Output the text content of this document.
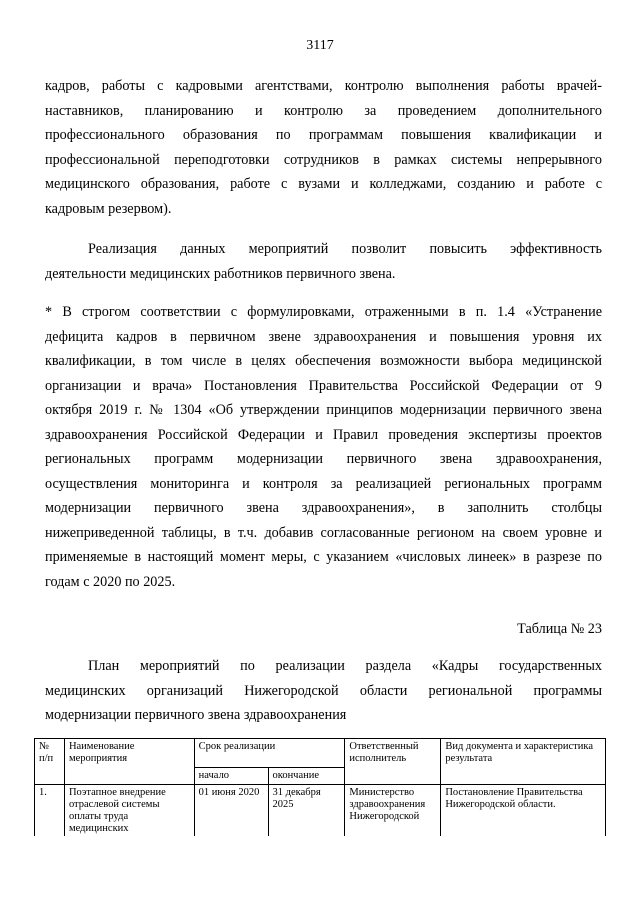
3117
кадров, работы с кадровыми агентствами, контролю выполнения работы врачей-
наставников, планированию и контролю за проведением дополнительного
профессионального образования по программам повышения квалификации и
профессиональной переподготовки сотрудников в рамках системы непрерывного
медицинского образования, работе с вузами и колледжами, созданию и работе с
кадровым резервом).
Реализация данных мероприятий позволит повысить эффективность
деятельности медицинских работников первичного звена.
* В строгом соответствии с формулировками, отраженными в п. 1.4 «Устранение
дефицита кадров в первичном звене здравоохранения и повышения уровня их
квалификации, в том числе в целях обеспечения возможности выбора медицинской
организации и врача» Постановления Правительства Российской Федерации от 9
октября 2019 г. № 1304 «Об утверждении принципов модернизации первичного звена
здравоохранения Российской Федерации и Правил проведения экспертизы проектов
региональных программ модернизации первичного звена здравоохранения,
осуществления мониторинга и контроля за реализацией региональных программ
модернизации первичного звена здравоохранения», в заполнить столбцы
нижеприведенной таблицы, в т.ч. добавив согласованные регионом на своем уровне и
применяемые в настоящий момент меры, с указанием «числовых линеек» в разрезе по
годам с 2020 по 2025.
Таблица № 23
План мероприятий по реализации раздела «Кадры государственных
медицинских организаций Нижегородской области региональной программы
модернизации первичного звена здравоохранения
№ п/п	Наименование мероприятия	Срок реализации		Ответственный исполнитель	Вид документа и характеристика результата
		начало	окончание		
1.	Поэтапное внедрение отраслевой системы оплаты труда медицинских	01 июня 2020	31 декабря 2025	Министерство здравоохранения Нижегородской	Постановление Правительства Нижегородской области.
